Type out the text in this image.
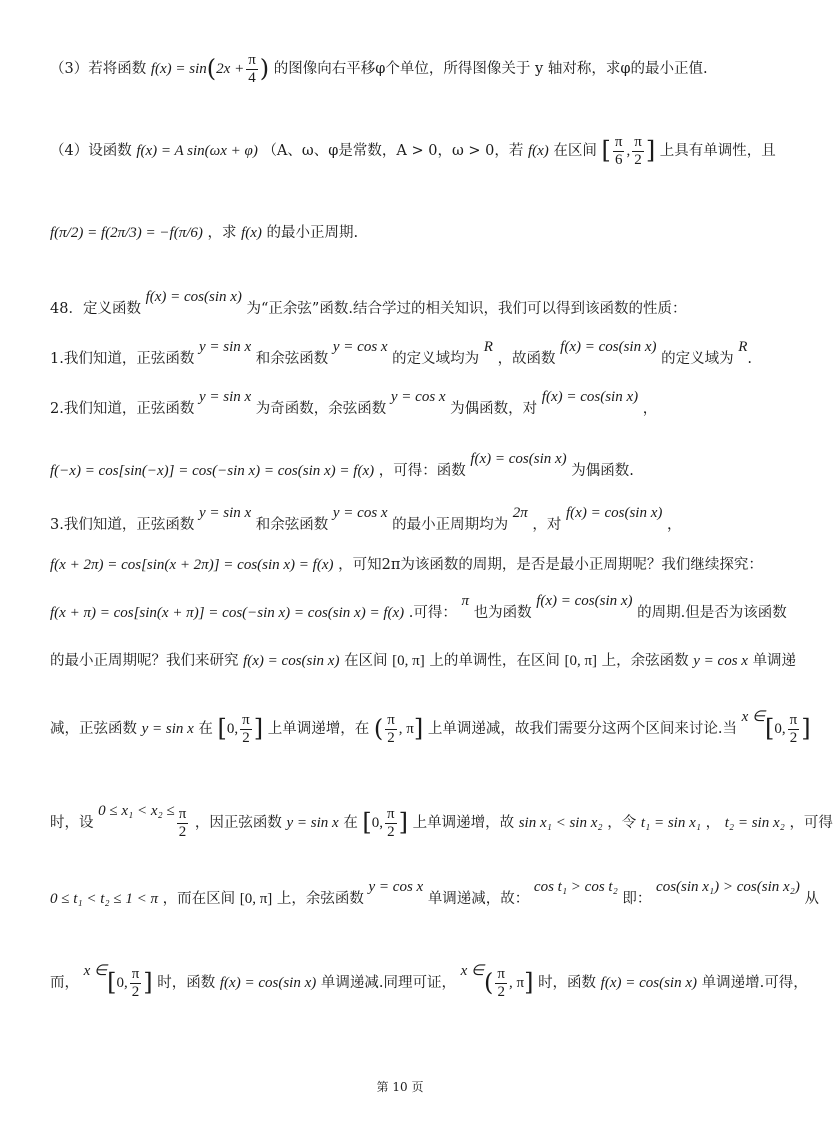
（3）若将函数 $f(x) = \sin(2x + \frac{\pi}{4}$ ) 的图像向右平移φ个单位，所得图像关于 y 轴对称，求φ的最小正值.
（4）设函数 f(x) = A sin(ωx + φ) （A、ω、φ是常数，A > 0，ω > 0，若 f(x) 在区间 [ $\frac{\pi}{6}$ , $\frac{\pi}{2}$ ] 上具有单调性，且
f(π/2) = f(2π/3) = −f(π/6) ，求 f(x) 的最小正周期.
48．定义函数 f(x) = cos(sin x) 为“正余弦”函数.结合学过的相关知识，我们可以得到该函数的性质：
1.我们知道，正弦函数 y = sin x 和余弦函数 y = cos x 的定义域均为 R ，故函数 f(x) = cos(sin x) 的定义域为 R.
2.我们知道，正弦函数 y = sin x 为奇函数，余弦函数 y = cos x 为偶函数，对 f(x) = cos(sin x) ，
f(−x) = cos[sin(−x)] = cos(−sin x) = cos(sin x) = f(x) ，可得：函数 f(x) = cos(sin x) 为偶函数.
3.我们知道，正弦函数 y = sin x 和余弦函数 y = cos x 的最小正周期均为 2π ，对 f(x) = cos(sin x) ，
f(x + 2π) = cos[sin(x + 2π)] = cos(sin x) = f(x) ，可知2π为该函数的周期，是否是最小正周期呢？我们继续探究：
f(x + π) = cos[sin(x + π)] = cos(−sin x) = cos(sin x) = f(x) .可得： π 也为函数 f(x) = cos(sin x) 的周期.但是否为该函数
的最小正周期呢？我们来研究 f(x) = cos(sin x) 在区间 [0, π] 上的单调性，在区间 [0, π] 上，余弦函数 y = cos x 单调递
减，正弦函数 y = sin x 在 [0, $\frac{\pi}{2}$ ] 上单调递增，在 ( $\frac{\pi}{2}$ , π] 上单调递减，故我们需要分这两个区间来讨论.当 x ∈[0, $\frac{\pi}{2}$ ]
时，设 $0 \le x_1 < x_2 \le \frac{\pi}{2}$ ，因正弦函数 y = sin x 在 [0, $\frac{\pi}{2}$ ] 上单调递增，故 sin x₁ < sin x₂ ，令 t₁ = sin x₁ ， t₂ = sin x₂ ，可得
0 ≤ t₁ < t₂ ≤ 1 < π ，而在区间 [0, π] 上，余弦函数 y = cos x 单调递减，故： cos t₁ > cos t₂ 即： cos(sin x₁) > cos(sin x₂) 从
而， x ∈[0, $\frac{\pi}{2}$ ] 时，函数 f(x) = cos(sin x) 单调递减.同理可证， x ∈( $\frac{\pi}{2}$ , π] 时，函数 f(x) = cos(sin x) 单调递增.可得，
第 10 页
